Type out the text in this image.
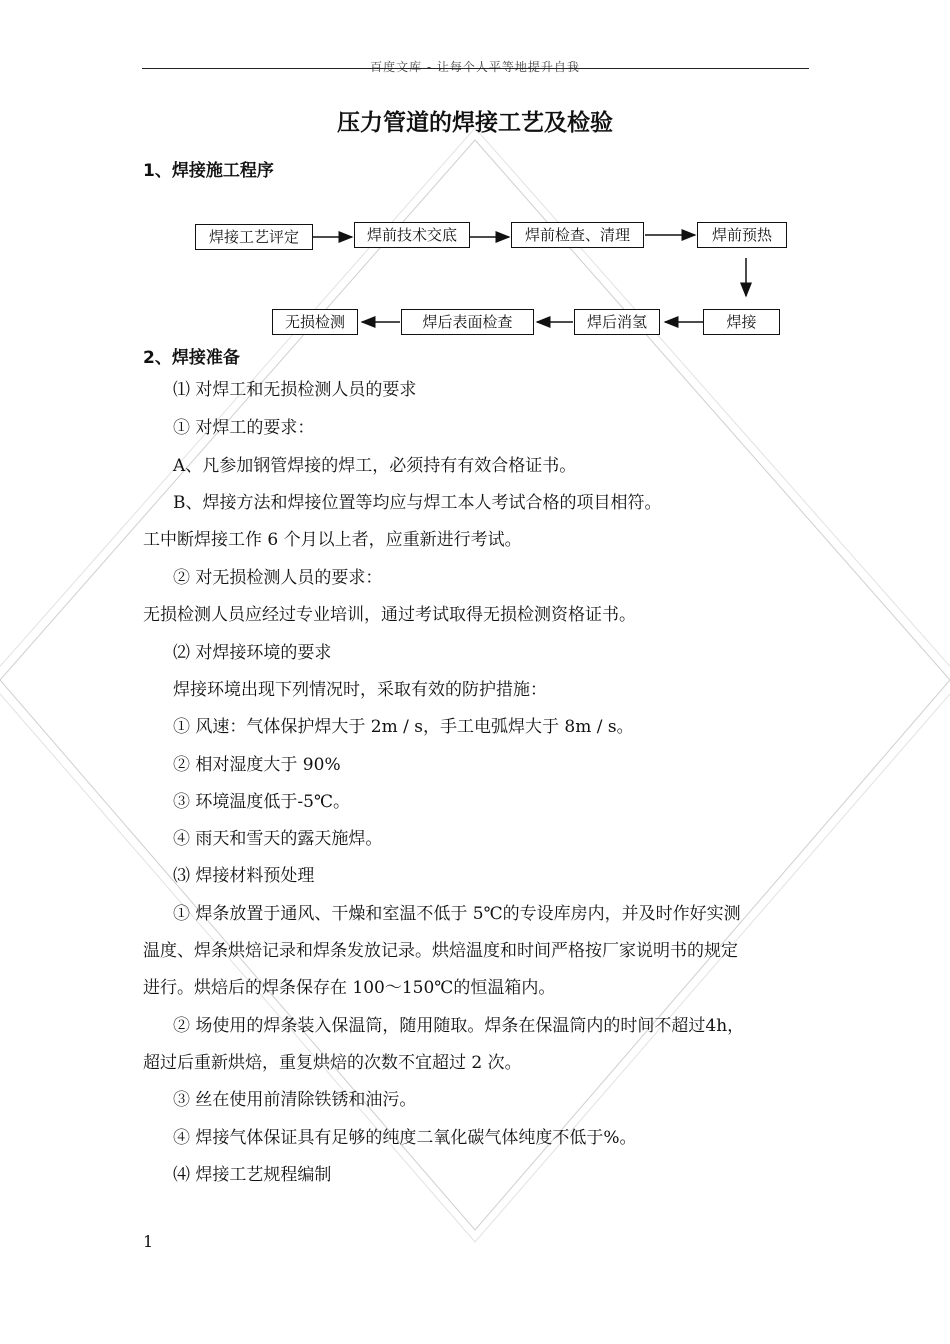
百度文库 - 让每个人平等地提升自我
压力管道的焊接工艺及检验
1、焊接施工程序
焊接工艺评定	焊前技术交底	焊前检查、清理	焊前预热
焊接
焊后消氢
焊后表面检查
无损检测
2、焊接准备
⑴ 对焊工和无损检测人员的要求
① 对焊工的要求：
A、凡参加钢管焊接的焊工，必须持有有效合格证书。
B、焊接方法和焊接位置等均应与焊工本人考试合格的项目相符。
工中断焊接工作 6 个月以上者，应重新进行考试。
② 对无损检测人员的要求：
无损检测人员应经过专业培训，通过考试取得无损检测资格证书。
⑵ 对焊接环境的要求
焊接环境出现下列情况时，采取有效的防护措施：
① 风速：气体保护焊大于 2m / s，手工电弧焊大于 8m / s。
② 相对湿度大于 90%
③ 环境温度低于-5℃。
④ 雨天和雪天的露天施焊。
⑶ 焊接材料预处理
① 焊条放置于通风、干燥和室温不低于 5℃的专设库房内，并及时作好实测
温度、焊条烘焙记录和焊条发放记录。烘焙温度和时间严格按厂家说明书的规定
进行。烘焙后的焊条保存在 100～150℃的恒温箱内。
② 场使用的焊条装入保温筒，随用随取。焊条在保温筒内的时间不超过4h，
超过后重新烘焙，重复烘焙的次数不宜超过 2 次。
③ 丝在使用前清除铁锈和油污。
④ 焊接气体保证具有足够的纯度二氧化碳气体纯度不低于%。
⑷ 焊接工艺规程编制
1
